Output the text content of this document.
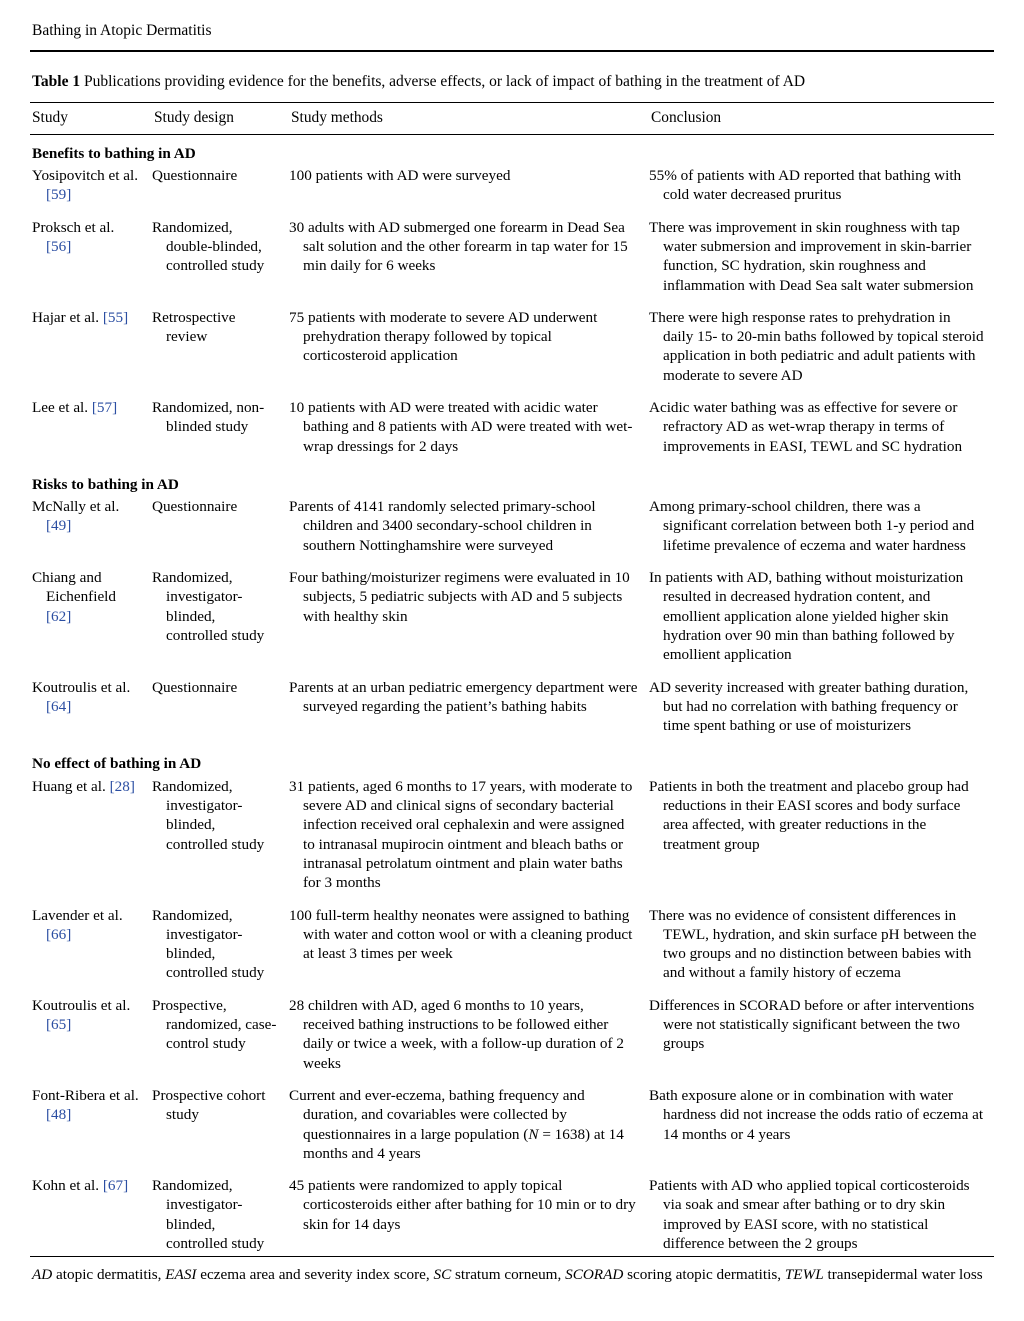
Bathing in Atopic Dermatitis
Table 1 Publications providing evidence for the benefits, adverse effects, or lack of impact of bathing in the treatment of AD
Study	Study design	Study methods	Conclusion
Benefits to bathing in AD			
Yosipovitch et al. [59]	Questionnaire	100 patients with AD were surveyed	55% of patients with AD reported that bathing with cold water decreased pruritus
Proksch et al. [56]	Randomized, double-blinded, controlled study	30 adults with AD submerged one forearm in Dead Sea salt solution and the other forearm in tap water for 15 min daily for 6 weeks	There was improvement in skin roughness with tap water submersion and improvement in skin-barrier function, SC hydration, skin roughness and inflammation with Dead Sea salt water submersion
Hajar et al. [55]	Retrospective review	75 patients with moderate to severe AD underwent prehydration therapy followed by topical corticosteroid application	There were high response rates to prehydration in daily 15- to 20-min baths followed by topical steroid application in both pediatric and adult patients with moderate to severe AD
Lee et al. [57]	Randomized, non-blinded study	10 patients with AD were treated with acidic water bathing and 8 patients with AD were treated with wet-wrap dressings for 2 days	Acidic water bathing was as effective for severe or refractory AD as wet-wrap therapy in terms of improvements in EASI, TEWL and SC hydration
Risks to bathing in AD			
McNally et al. [49]	Questionnaire	Parents of 4141 randomly selected primary-school children and 3400 secondary-school children in southern Nottinghamshire were surveyed	Among primary-school children, there was a significant correlation between both 1-y period and lifetime prevalence of eczema and water hardness
Chiang and Eichenfield [62]	Randomized, investigator-blinded, controlled study	Four bathing/moisturizer regimens were evaluated in 10 subjects, 5 pediatric subjects with AD and 5 subjects with healthy skin	In patients with AD, bathing without moisturization resulted in decreased hydration content, and emollient application alone yielded higher skin hydration over 90 min than bathing followed by emollient application
Koutroulis et al. [64]	Questionnaire	Parents at an urban pediatric emergency department were surveyed regarding the patient’s bathing habits	AD severity increased with greater bathing duration, but had no correlation with bathing frequency or time spent bathing or use of moisturizers
No effect of bathing in AD			
Huang et al. [28]	Randomized, investigator-blinded, controlled study	31 patients, aged 6 months to 17 years, with moderate to severe AD and clinical signs of secondary bacterial infection received oral cephalexin and were assigned to intranasal mupirocin ointment and bleach baths or intranasal petrolatum ointment and plain water baths for 3 months	Patients in both the treatment and placebo group had reductions in their EASI scores and body surface area affected, with greater reductions in the treatment group
Lavender et al. [66]	Randomized, investigator-blinded, controlled study	100 full-term healthy neonates were assigned to bathing with water and cotton wool or with a cleaning product at least 3 times per week	There was no evidence of consistent differences in TEWL, hydration, and skin surface pH between the two groups and no distinction between babies with and without a family history of eczema
Koutroulis et al. [65]	Prospective, randomized, case-control study	28 children with AD, aged 6 months to 10 years, received bathing instructions to be followed either daily or twice a week, with a follow-up duration of 2 weeks	Differences in SCORAD before or after interventions were not statistically significant between the two groups
Font-Ribera et al. [48]	Prospective cohort study	Current and ever-eczema, bathing frequency and duration, and covariables were collected by questionnaires in a large population (N = 1638) at 14 months and 4 years	Bath exposure alone or in combination with water hardness did not increase the odds ratio of eczema at 14 months or 4 years
Kohn et al. [67]	Randomized, investigator-blinded, controlled study	45 patients were randomized to apply topical corticosteroids either after bathing for 10 min or to dry skin for 14 days	Patients with AD who applied topical corticosteroids via soak and smear after bathing or to dry skin improved by EASI score, with no statistical difference between the 2 groups
AD atopic dermatitis, EASI eczema area and severity index score, SC stratum corneum, SCORAD scoring atopic dermatitis, TEWL transepidermal water loss
